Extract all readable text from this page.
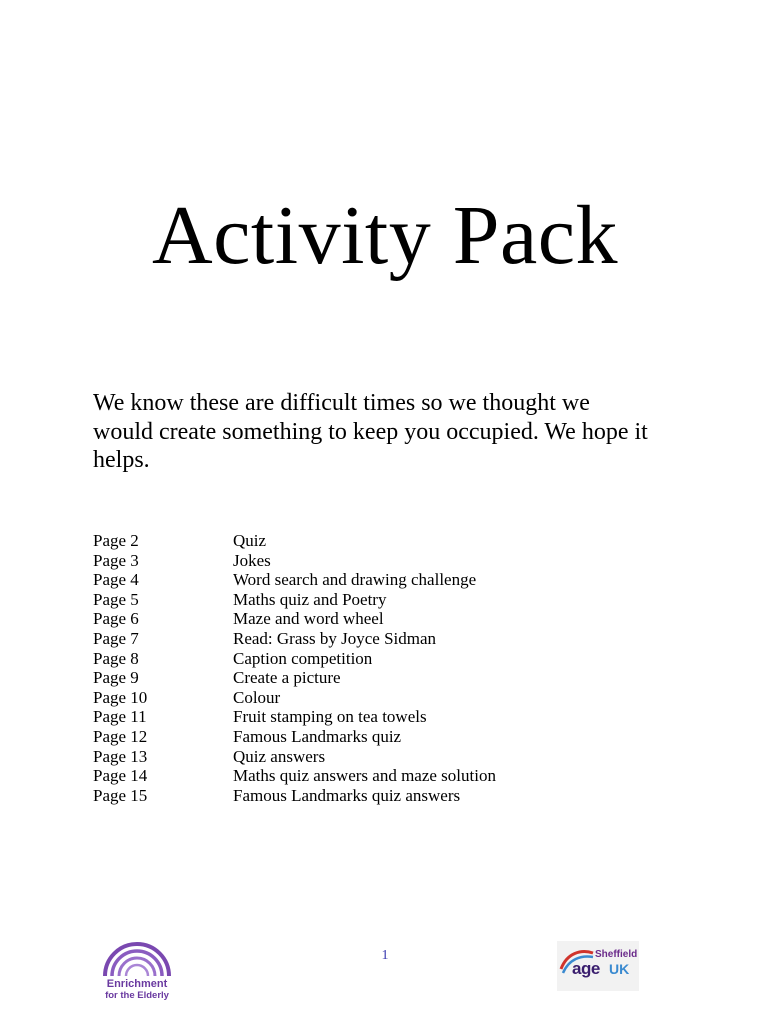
Activity Pack
We know these are difficult times so we thought we would create something to keep you occupied. We hope it helps.
Page 2	Quiz
Page 3	Jokes
Page 4	Word search and drawing challenge
Page 5	Maths quiz and Poetry
Page 6	Maze and word wheel
Page 7	Read: Grass by Joyce Sidman
Page 8	Caption competition
Page 9	Create a picture
Page 10	Colour
Page 11	Fruit stamping on tea towels
Page 12	Famous Landmarks quiz
Page 13	Quiz answers
Page 14	Maths quiz answers and maze solution
Page 15	Famous Landmarks quiz answers
Enrichment
for the Elderly
1	Sheffield
age UK
